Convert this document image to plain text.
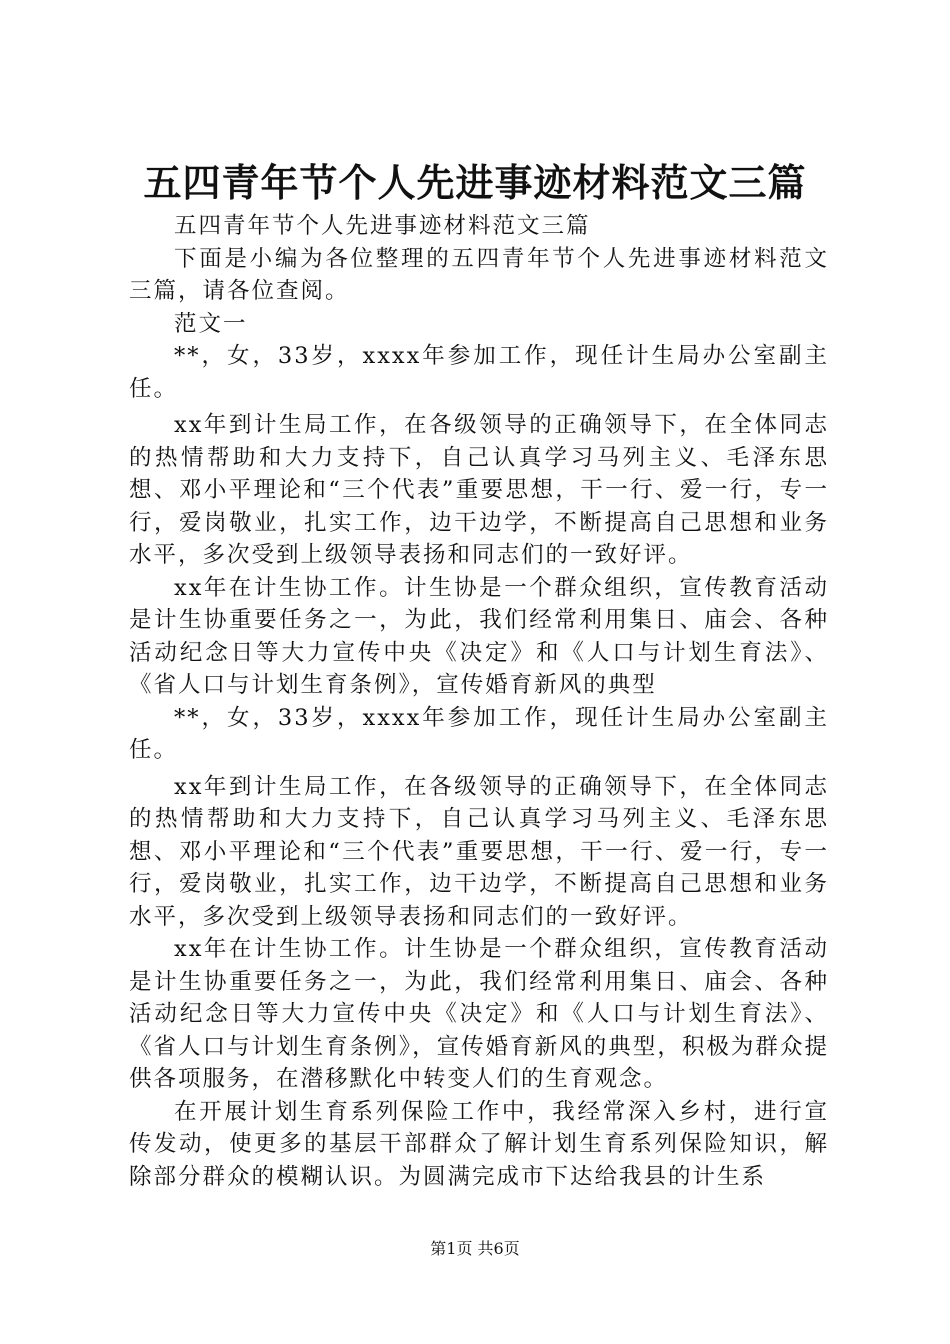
五四青年节个人先进事迹材料范文三篇

五四青年节个人先进事迹材料范文三篇

下面是小编为各位整理的五四青年节个人先进事迹材料范文三篇，请各位查阅。

范文一

**，女，33岁，xxxx年参加工作，现任计生局办公室副主任。

xx年到计生局工作，在各级领导的正确领导下，在全体同志的热情帮助和大力支持下，自己认真学习马列主义、毛泽东思想、邓小平理论和“三个代表”重要思想，干一行、爱一行，专一行，爱岗敬业，扎实工作，边干边学，不断提高自己思想和业务水平，多次受到上级领导表扬和同志们的一致好评。

xx年在计生协工作。计生协是一个群众组织，宣传教育活动是计生协重要任务之一，为此，我们经常利用集日、庙会、各种活动纪念日等大力宣传中央《决定》和《人口与计划生育法》、《省人口与计划生育条例》，宣传婚育新风的典型

**，女，33岁，xxxx年参加工作，现任计生局办公室副主任。

xx年到计生局工作，在各级领导的正确领导下，在全体同志的热情帮助和大力支持下，自己认真学习马列主义、毛泽东思想、邓小平理论和“三个代表”重要思想，干一行、爱一行，专一行，爱岗敬业，扎实工作，边干边学，不断提高自己思想和业务水平，多次受到上级领导表扬和同志们的一致好评。

xx年在计生协工作。计生协是一个群众组织，宣传教育活动是计生协重要任务之一，为此，我们经常利用集日、庙会、各种活动纪念日等大力宣传中央《决定》和《人口与计划生育法》、《省人口与计划生育条例》，宣传婚育新风的典型，积极为群众提供各项服务，在潜移默化中转变人们的生育观念。

在开展计划生育系列保险工作中，我经常深入乡村，进行宣传发动，使更多的基层干部群众了解计划生育系列保险知识，解除部分群众的模糊认识。为圆满完成市下达给我县的计生系

第1页 共6页
